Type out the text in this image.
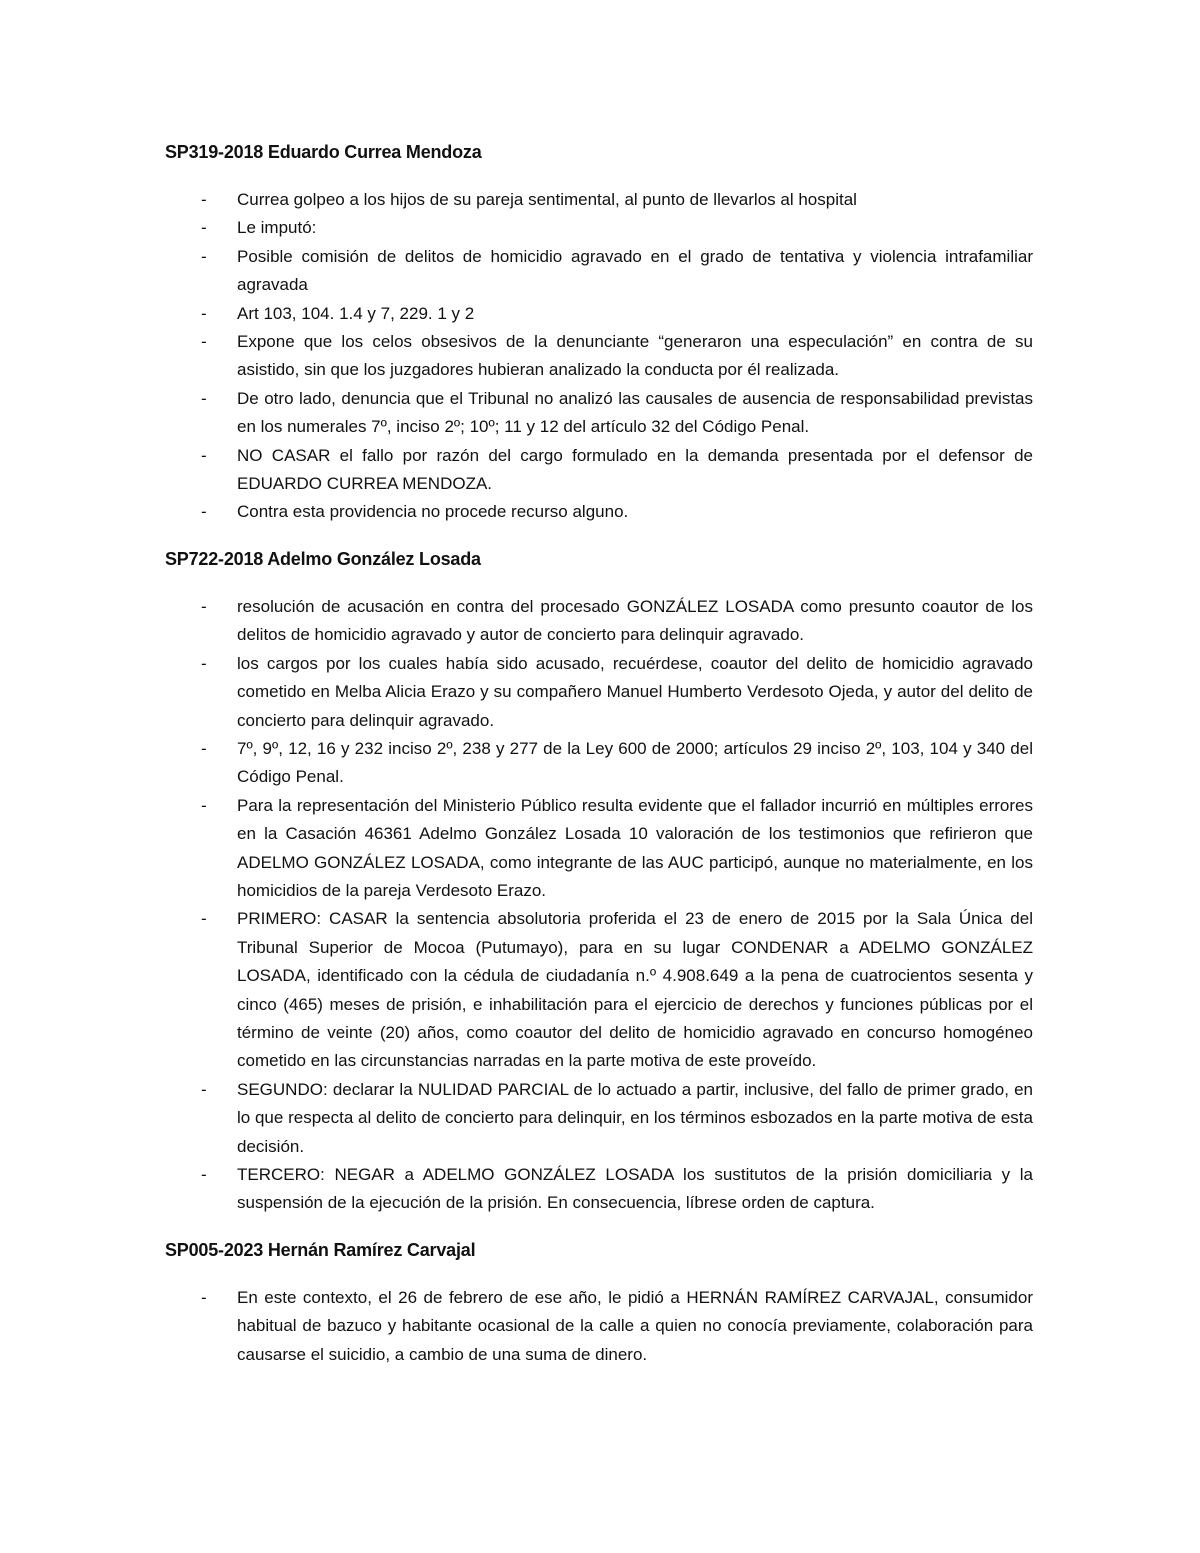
SP319-2018 Eduardo Currea Mendoza
- Currea golpeo a los hijos de su pareja sentimental, al punto de llevarlos al hospital
- Le imputó:
- Posible comisión de delitos de homicidio agravado en el grado de tentativa y violencia intrafamiliar agravada
- Art 103, 104. 1.4 y 7, 229. 1 y 2
- Expone que los celos obsesivos de la denunciante “generaron una especulación” en contra de su asistido, sin que los juzgadores hubieran analizado la conducta por él realizada.
- De otro lado, denuncia que el Tribunal no analizó las causales de ausencia de responsabilidad previstas en los numerales 7º, inciso 2º; 10º; 11 y 12 del artículo 32 del Código Penal.
- NO CASAR el fallo por razón del cargo formulado en la demanda presentada por el defensor de EDUARDO CURREA MENDOZA.
- Contra esta providencia no procede recurso alguno.
SP722-2018 Adelmo González Losada
- resolución de acusación en contra del procesado GONZÁLEZ LOSADA como presunto coautor de los delitos de homicidio agravado y autor de concierto para delinquir agravado.
- los cargos por los cuales había sido acusado, recuérdese, coautor del delito de homicidio agravado cometido en Melba Alicia Erazo y su compañero Manuel Humberto Verdesoto Ojeda, y autor del delito de concierto para delinquir agravado.
- 7º, 9º, 12, 16 y 232 inciso 2º, 238 y 277 de la Ley 600 de 2000; artículos 29 inciso 2º, 103, 104 y 340 del Código Penal.
- Para la representación del Ministerio Público resulta evidente que el fallador incurrió en múltiples errores en la Casación 46361 Adelmo González Losada 10 valoración de los testimonios que refirieron que ADELMO GONZÁLEZ LOSADA, como integrante de las AUC participó, aunque no materialmente, en los homicidios de la pareja Verdesoto Erazo.
- PRIMERO: CASAR la sentencia absolutoria proferida el 23 de enero de 2015 por la Sala Única del Tribunal Superior de Mocoa (Putumayo), para en su lugar CONDENAR a ADELMO GONZÁLEZ LOSADA, identificado con la cédula de ciudadanía n.º 4.908.649 a la pena de cuatrocientos sesenta y cinco (465) meses de prisión, e inhabilitación para el ejercicio de derechos y funciones públicas por el término de veinte (20) años, como coautor del delito de homicidio agravado en concurso homogéneo cometido en las circunstancias narradas en la parte motiva de este proveído.
- SEGUNDO: declarar la NULIDAD PARCIAL de lo actuado a partir, inclusive, del fallo de primer grado, en lo que respecta al delito de concierto para delinquir, en los términos esbozados en la parte motiva de esta decisión.
- TERCERO: NEGAR a ADELMO GONZÁLEZ LOSADA los sustitutos de la prisión domiciliaria y la suspensión de la ejecución de la prisión. En consecuencia, líbrese orden de captura.
SP005-2023 Hernán Ramírez Carvajal
- En este contexto, el 26 de febrero de ese año, le pidió a HERNÁN RAMÍREZ CARVAJAL, consumidor habitual de bazuco y habitante ocasional de la calle a quien no conocía previamente, colaboración para causarse el suicidio, a cambio de una suma de dinero.
